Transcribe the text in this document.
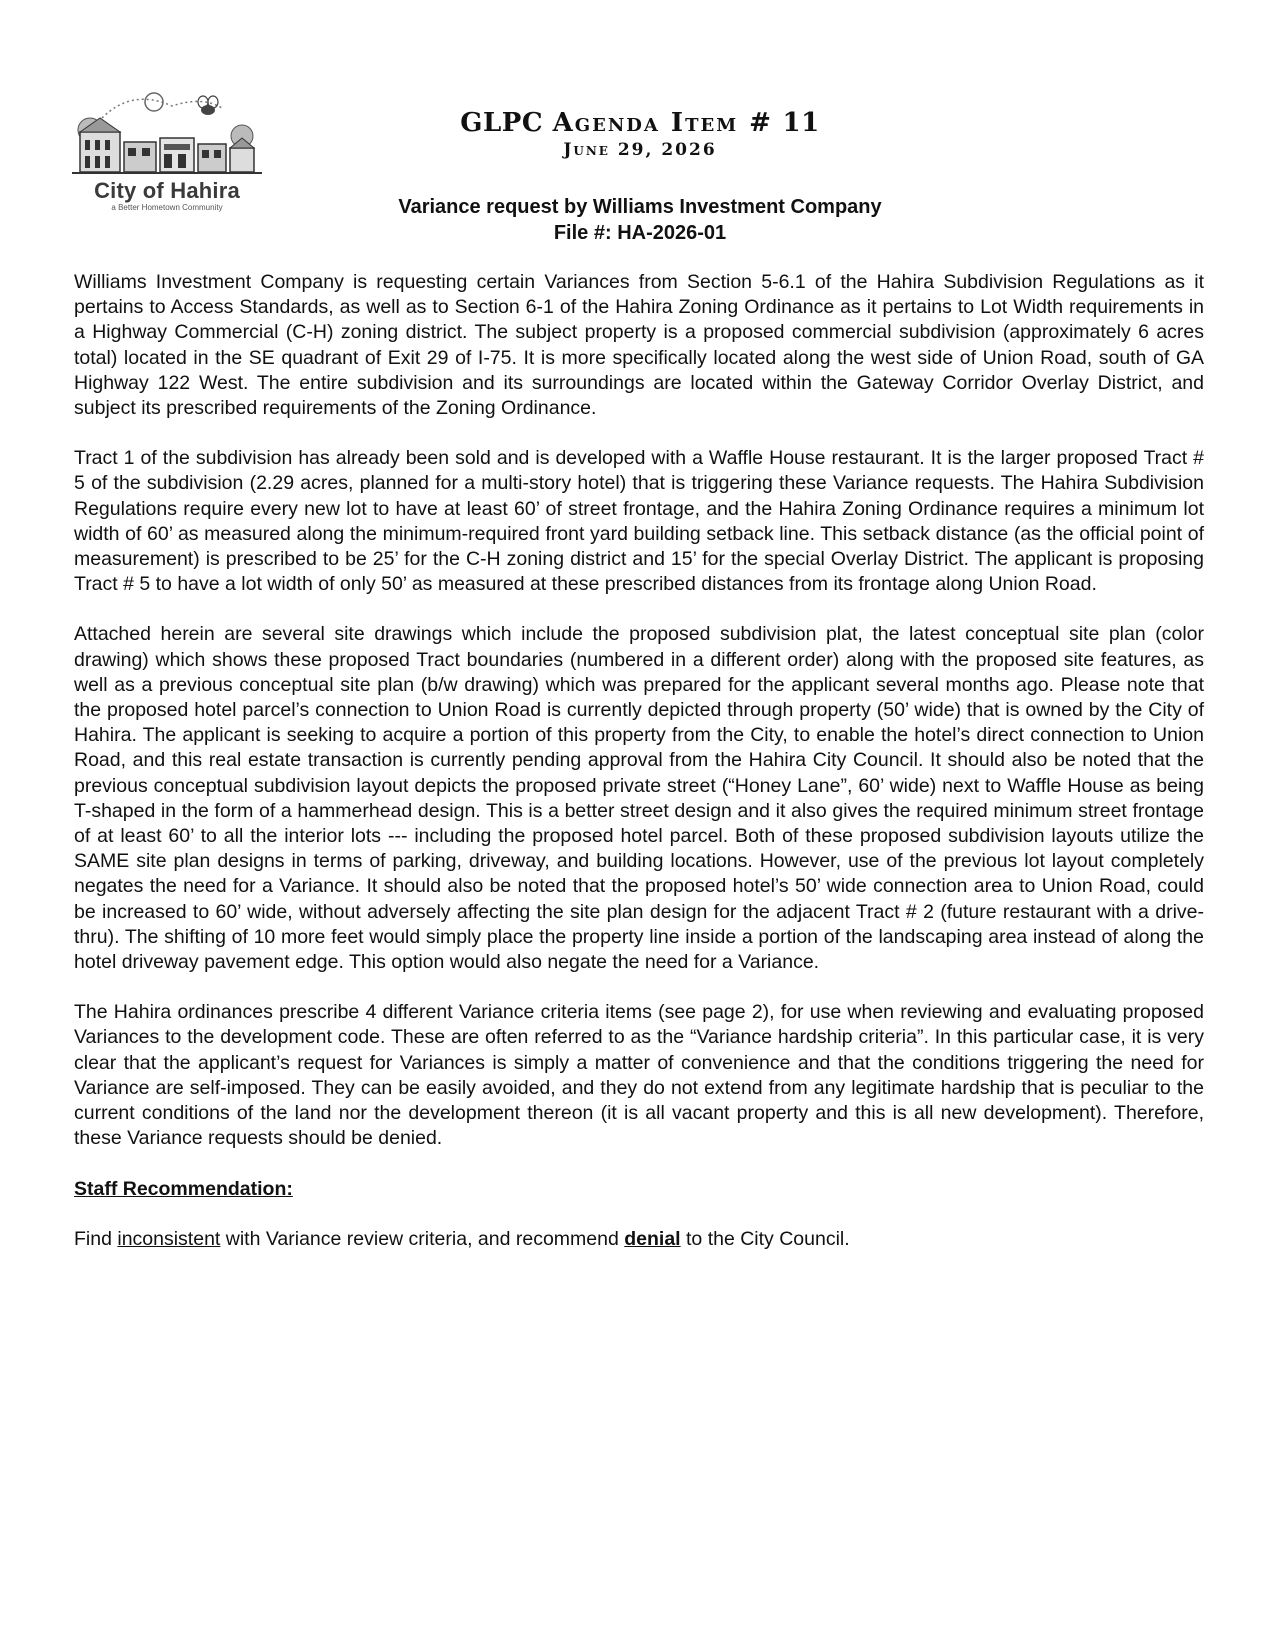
City of Hahira
a Better Hometown Community
GLPC Agenda Item # 11
June 29, 2026
Variance request by Williams Investment Company
File #: HA-2026-01

Williams Investment Company is requesting certain Variances from Section 5-6.1 of the Hahira Subdivision Regulations as it pertains to Access Standards, as well as to Section 6-1 of the Hahira Zoning Ordinance as it pertains to Lot Width requirements in a Highway Commercial (C-H) zoning district. The subject property is a proposed commercial subdivision (approximately 6 acres total) located in the SE quadrant of Exit 29 of I-75. It is more specifically located along the west side of Union Road, south of GA Highway 122 West. The entire subdivision and its surroundings are located within the Gateway Corridor Overlay District, and subject its prescribed requirements of the Zoning Ordinance.

Tract 1 of the subdivision has already been sold and is developed with a Waffle House restaurant. It is the larger proposed Tract # 5 of the subdivision (2.29 acres, planned for a multi-story hotel) that is triggering these Variance requests. The Hahira Subdivision Regulations require every new lot to have at least 60’ of street frontage, and the Hahira Zoning Ordinance requires a minimum lot width of 60’ as measured along the minimum-required front yard building setback line. This setback distance (as the official point of measurement) is prescribed to be 25’ for the C-H zoning district and 15’ for the special Overlay District. The applicant is proposing Tract # 5 to have a lot width of only 50’ as measured at these prescribed distances from its frontage along Union Road.

Attached herein are several site drawings which include the proposed subdivision plat, the latest conceptual site plan (color drawing) which shows these proposed Tract boundaries (numbered in a different order) along with the proposed site features, as well as a previous conceptual site plan (b/w drawing) which was prepared for the applicant several months ago. Please note that the proposed hotel parcel’s connection to Union Road is currently depicted through property (50’ wide) that is owned by the City of Hahira. The applicant is seeking to acquire a portion of this property from the City, to enable the hotel’s direct connection to Union Road, and this real estate transaction is currently pending approval from the Hahira City Council. It should also be noted that the previous conceptual subdivision layout depicts the proposed private street (“Honey Lane”, 60’ wide) next to Waffle House as being T-shaped in the form of a hammerhead design. This is a better street design and it also gives the required minimum street frontage of at least 60’ to all the interior lots --- including the proposed hotel parcel. Both of these proposed subdivision layouts utilize the SAME site plan designs in terms of parking, driveway, and building locations. However, use of the previous lot layout completely negates the need for a Variance. It should also be noted that the proposed hotel’s 50’ wide connection area to Union Road, could be increased to 60’ wide, without adversely affecting the site plan design for the adjacent Tract # 2 (future restaurant with a drive-thru). The shifting of 10 more feet would simply place the property line inside a portion of the landscaping area instead of along the hotel driveway pavement edge. This option would also negate the need for a Variance.

The Hahira ordinances prescribe 4 different Variance criteria items (see page 2), for use when reviewing and evaluating proposed Variances to the development code. These are often referred to as the “Variance hardship criteria”. In this particular case, it is very clear that the applicant’s request for Variances is simply a matter of convenience and that the conditions triggering the need for Variance are self-imposed. They can be easily avoided, and they do not extend from any legitimate hardship that is peculiar to the current conditions of the land nor the development thereon (it is all vacant property and this is all new development). Therefore, these Variance requests should be denied.

Staff Recommendation:
Find inconsistent with Variance review criteria, and recommend denial to the City Council.
